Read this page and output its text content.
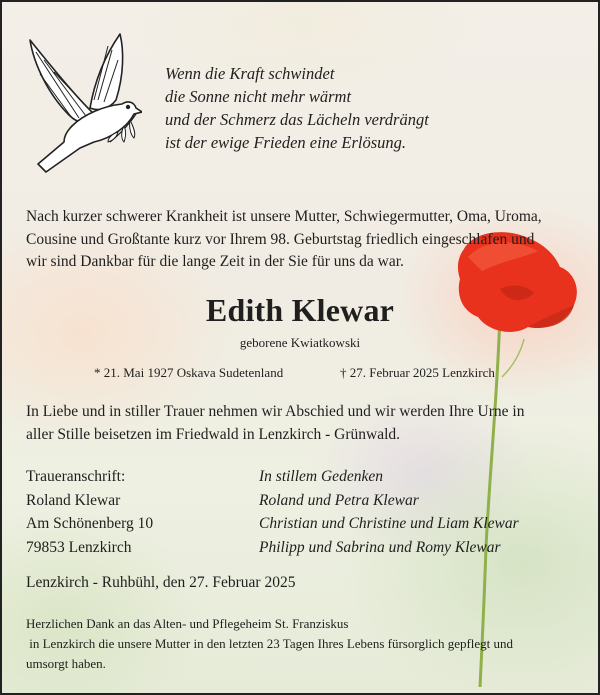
Wenn die Kraft schwindet
die Sonne nicht mehr wärmt
und der Schmerz das Lächeln verdrängt
ist der ewige Frieden eine Erlösung.
Nach kurzer schwerer Krankheit ist unsere Mutter, Schwiegermutter, Oma, Uroma,
Cousine und Großtante kurz vor Ihrem 98. Geburtstag friedlich eingeschlafen und
wir sind Dankbar für die lange Zeit in der Sie für uns da war.
Edith Klewar
geborene Kwiatkowski
* 21. Mai 1927 Oskava Sudetenland	† 27. Februar 2025 Lenzkirch
In Liebe und in stiller Trauer nehmen wir Abschied und wir werden Ihre Urne in
aller Stille beisetzen im Friedwald in Lenzkirch - Grünwald.
Traueranschrift:
Roland Klewar
Am Schönenberg 10
79853 Lenzkirch
In stillem Gedenken
Roland und Petra Klewar
Christian und Christine und Liam Klewar
Philipp und Sabrina und Romy Klewar
Lenzkirch - Ruhbühl, den 27. Februar 2025
Herzlichen Dank an das Alten- und Pflegeheim St. Franziskus
in Lenzkirch die unsere Mutter in den letzten 23 Tagen Ihres Lebens fürsorglich gepflegt und
umsorgt haben.
